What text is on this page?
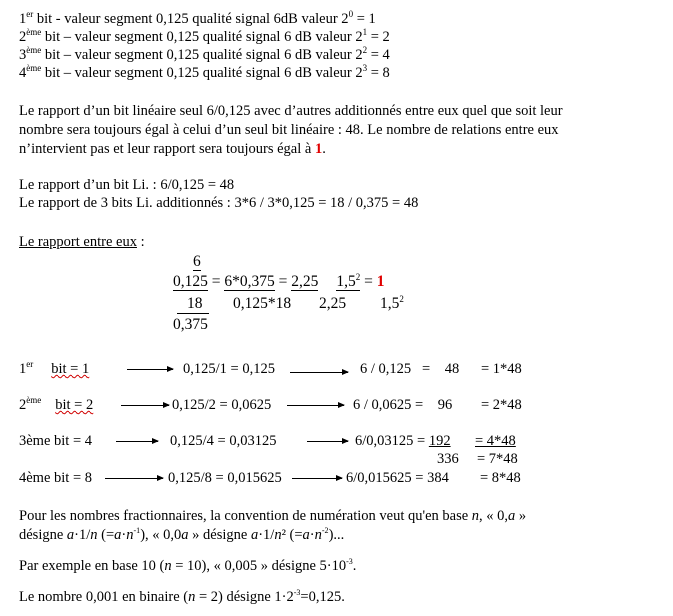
1er bit - valeur segment 0,125 qualité signal 6dB valeur $2^0 = 1$
2ème bit – valeur segment 0,125 qualité signal 6 dB valeur $2^1 = 2$
3ème bit – valeur segment 0,125 qualité signal 6 dB valeur $2^2 = 4$
4ème bit – valeur segment 0,125 qualité signal 6 dB valeur $2^3 = 8$
Le rapport d’un bit linéaire seul 6/0,125 avec d’autres additionnés entre eux quel que soit leur
nombre sera toujours égal à celui d’un seul bit linéaire : 48. Le nombre de relations entre eux
n’intervient pas et leur rapport sera toujours égal à 1.
Le rapport d’un bit Li. : 6/0,125 = 48
Le rapport de 3 bits Li. additionnés : 3*6 / 3*0,125 = 18 / 0,375 = 48
Le rapport entre eux :
6
0,125 = 6*0,375 = 2,25 $1,5^2 = 1$
18 0,125*18 2,25 $1,5^2$
0,375
1er bit = 1	0,125/1 = 0,125	6 / 0,125   =    48 = 1*48
2ème bit = 2	0,125/2 = 0,0625	6 / 0,0625 =    96 = 2*48
3ème bit = 4	0,125/4 = 0,03125	6/0,03125 = 192 = 4*48
336 = 7*48
4ème bit = 8	0,125/8 = 0,015625	6/0,015625 = 384 = 8*48
Pour les nombres fractionnaires, la convention de numération veut qu'en base n, « 0,a »
désigne a·1/n $(=a\cdot n^{-1})$, « 0,0a » désigne a·1/n² $(=a\cdot n^{-2})$...
Par exemple en base 10 (n = 10), « 0,005 » désigne $5\cdot 10^{-3}$.
Le nombre 0,001 en binaire (n = 2) désigne $1\cdot 2^{-3}=0,125$.
